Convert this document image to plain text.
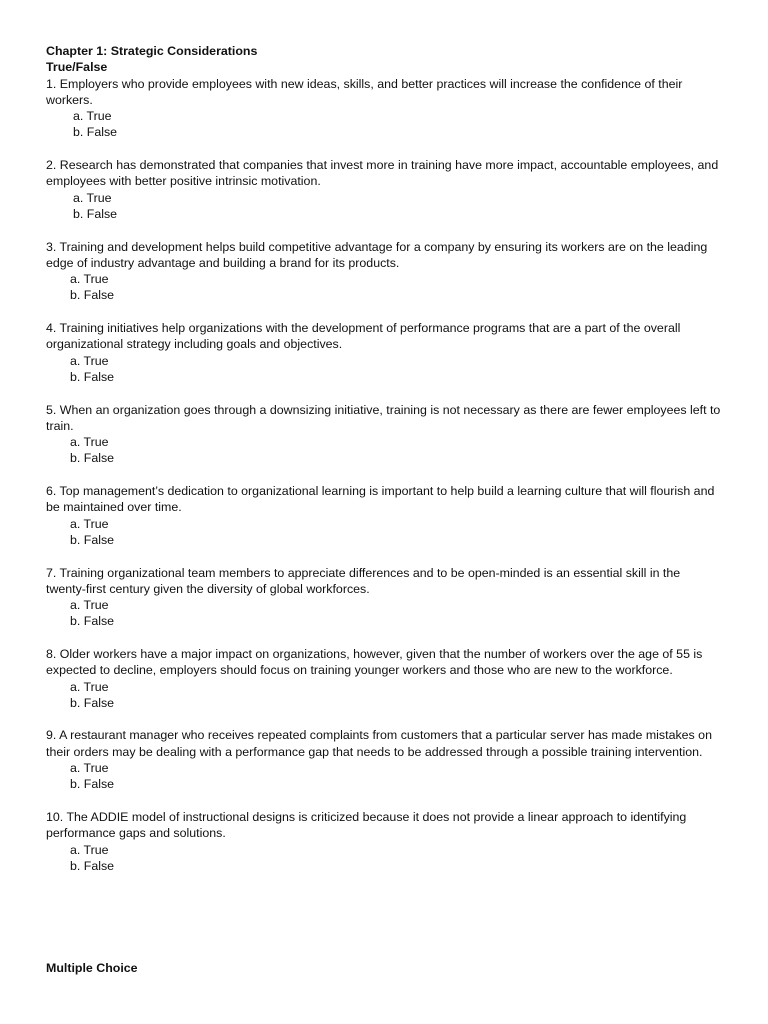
Chapter 1: Strategic Considerations

True/False

1. Employers who provide employees with new ideas, skills, and better practices will increase the confidence of their workers.

a. True

b. False

2. Research has demonstrated that companies that invest more in training have more impact, accountable employees, and employees with better positive intrinsic motivation.

a. True

b. False

3. Training and development helps build competitive advantage for a company by ensuring its workers are on the leading edge of industry advantage and building a brand for its products.

a. True

b. False

4. Training initiatives help organizations with the development of performance programs that are a part of the overall organizational strategy including goals and objectives.

a. True

b. False

5. When an organization goes through a downsizing initiative, training is not necessary as there are fewer employees left to train.

a. True

b. False

6. Top management’s dedication to organizational learning is important to help build a learning culture that will flourish and be maintained over time.

a. True

b. False

7. Training organizational team members to appreciate differences and to be open-minded is an essential skill in the twenty-first century given the diversity of global workforces.

a. True

b. False

8. Older workers have a major impact on organizations, however, given that the number of workers over the age of 55 is expected to decline, employers should focus on training younger workers and those who are new to the workforce.

a. True

b. False

9. A restaurant manager who receives repeated complaints from customers that a particular server has made mistakes on their orders may be dealing with a performance gap that needs to be addressed through a possible training intervention.

a. True

b. False

10. The ADDIE model of instructional designs is criticized because it does not provide a linear approach to identifying performance gaps and solutions.

a. True

b. False

Multiple Choice
